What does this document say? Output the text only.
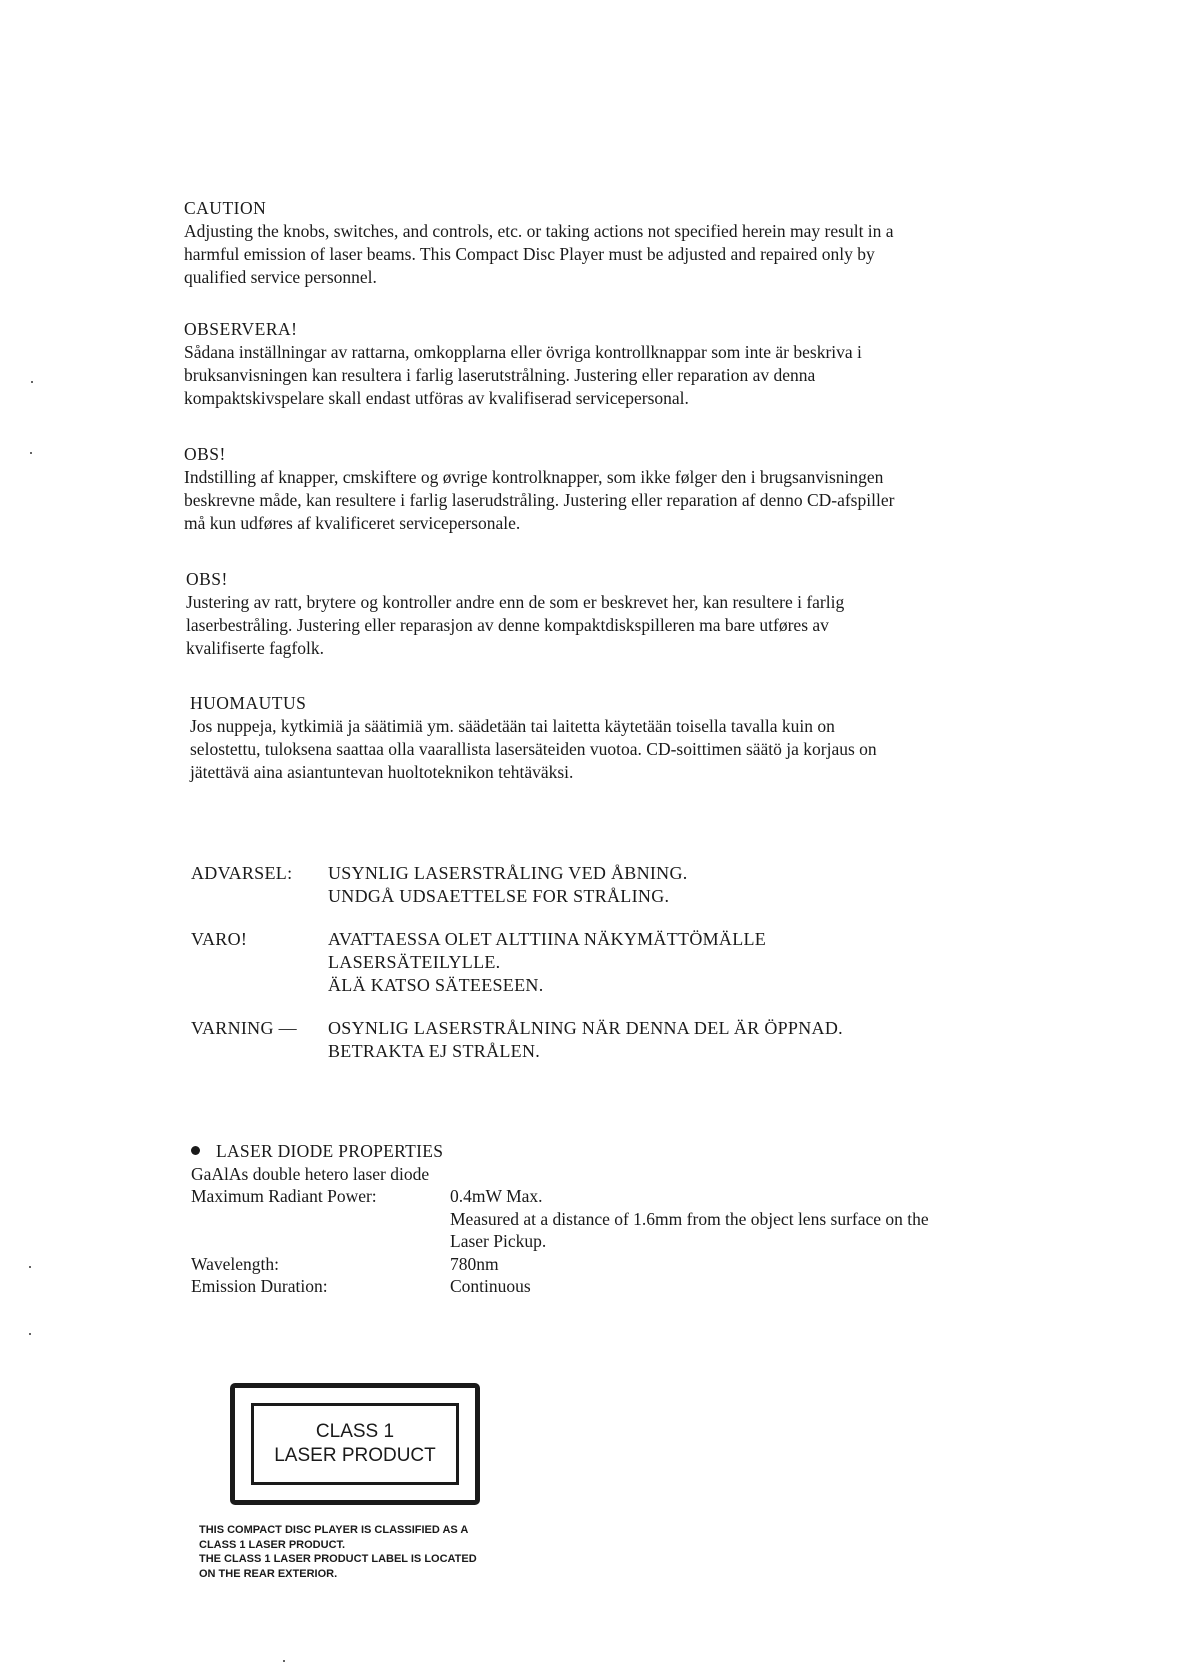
CAUTION
Adjusting the knobs, switches, and controls, etc. or taking actions not specified herein may result in a
harmful emission of laser beams. This Compact Disc Player must be adjusted and repaired only by
qualified service personnel.
OBSERVERA!
Sådana inställningar av rattarna, omkopplarna eller övriga kontrollknappar som inte är beskriva i
bruksanvisningen kan resultera i farlig laserutstrålning. Justering eller reparation av denna
kompaktskivspelare skall endast utföras av kvalifiserad servicepersonal.
OBS!
Indstilling af knapper, cmskiftere og øvrige kontrolknapper, som ikke følger den i brugsanvisningen
beskrevne måde, kan resultere i farlig laserudstråling. Justering eller reparation af denno CD-afspiller
må kun udføres af kvalificeret servicepersonale.
OBS!
Justering av ratt, brytere og kontroller andre enn de som er beskrevet her, kan resultere i farlig
laserbestråling. Justering eller reparasjon av denne kompaktdiskspilleren ma bare utføres av
kvalifiserte fagfolk.
HUOMAUTUS
Jos nuppeja, kytkimiä ja säätimiä ym. säädetään tai laitetta käytetään toisella tavalla kuin on
selostettu, tuloksena saattaa olla vaarallista lasersäteiden vuotoa. CD-soittimen säätö ja korjaus on
jätettävä aina asiantuntevan huoltoteknikon tehtäväksi.
ADVARSEL: USYNLIG LASERSTRÅLING VED ÅBNING.
UNDGÅ UDSAETTELSE FOR STRÅLING.
VARO!	AVATTAESSA OLET ALTTIINA NÄKYMÄTTÖMÄLLE
LASERSÄTEILYLLE.
ÄLÄ KATSO SÄTEESEEN.
VARNING — OSYNLIG LASERSTRÅLNING NÄR DENNA DEL ÄR ÖPPNAD.
BETRAKTA EJ STRÅLEN.
LASER DIODE PROPERTIES
GaAlAs double hetero laser diode
Maximum Radiant Power:	0.4mW Max.
Measured at a distance of 1.6mm from the object lens surface on the
Laser Pickup.
Wavelength:	780nm
Emission Duration:	Continuous
CLASS 1
LASER PRODUCT
THIS COMPACT DISC PLAYER IS CLASSIFIED AS A
CLASS 1 LASER PRODUCT.
THE CLASS 1 LASER PRODUCT LABEL IS LOCATED
ON THE REAR EXTERIOR.
